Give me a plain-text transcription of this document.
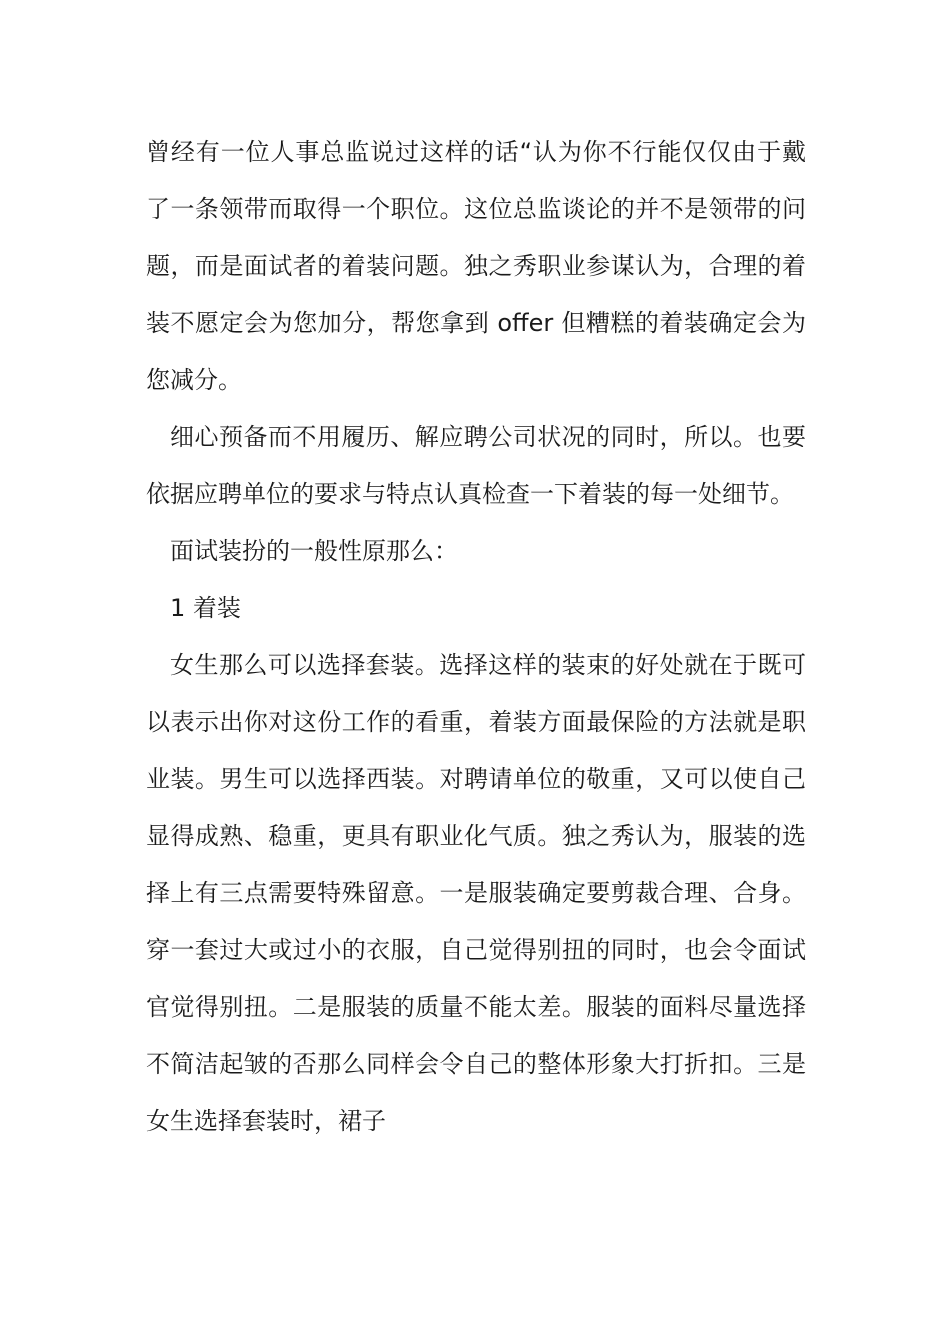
曾经有一位人事总监说过这样的话“认为你不行能仅仅由于戴了一条领带而取得一个职位。这位总监谈论的并不是领带的问题，而是面试者的着装问题。独之秀职业参谋认为，合理的着装不愿定会为您加分，帮您拿到 offer 但糟糕的着装确定会为您减分。

细心预备而不用履历、解应聘公司状况的同时，所以。也要依据应聘单位的要求与特点认真检查一下着装的每一处细节。

面试装扮的一般性原那么：

1 着装

女生那么可以选择套装。选择这样的装束的好处就在于既可以表示出你对这份工作的看重，着装方面最保险的方法就是职业装。男生可以选择西装。对聘请单位的敬重，又可以使自己显得成熟、稳重，更具有职业化气质。独之秀认为，服装的选择上有三点需要特殊留意。一是服装确定要剪裁合理、合身。穿一套过大或过小的衣服，自己觉得别扭的同时，也会令面试官觉得别扭。二是服装的质量不能太差。服装的面料尽量选择不简洁起皱的否那么同样会令自己的整体形象大打折扣。三是女生选择套装时，裙子
